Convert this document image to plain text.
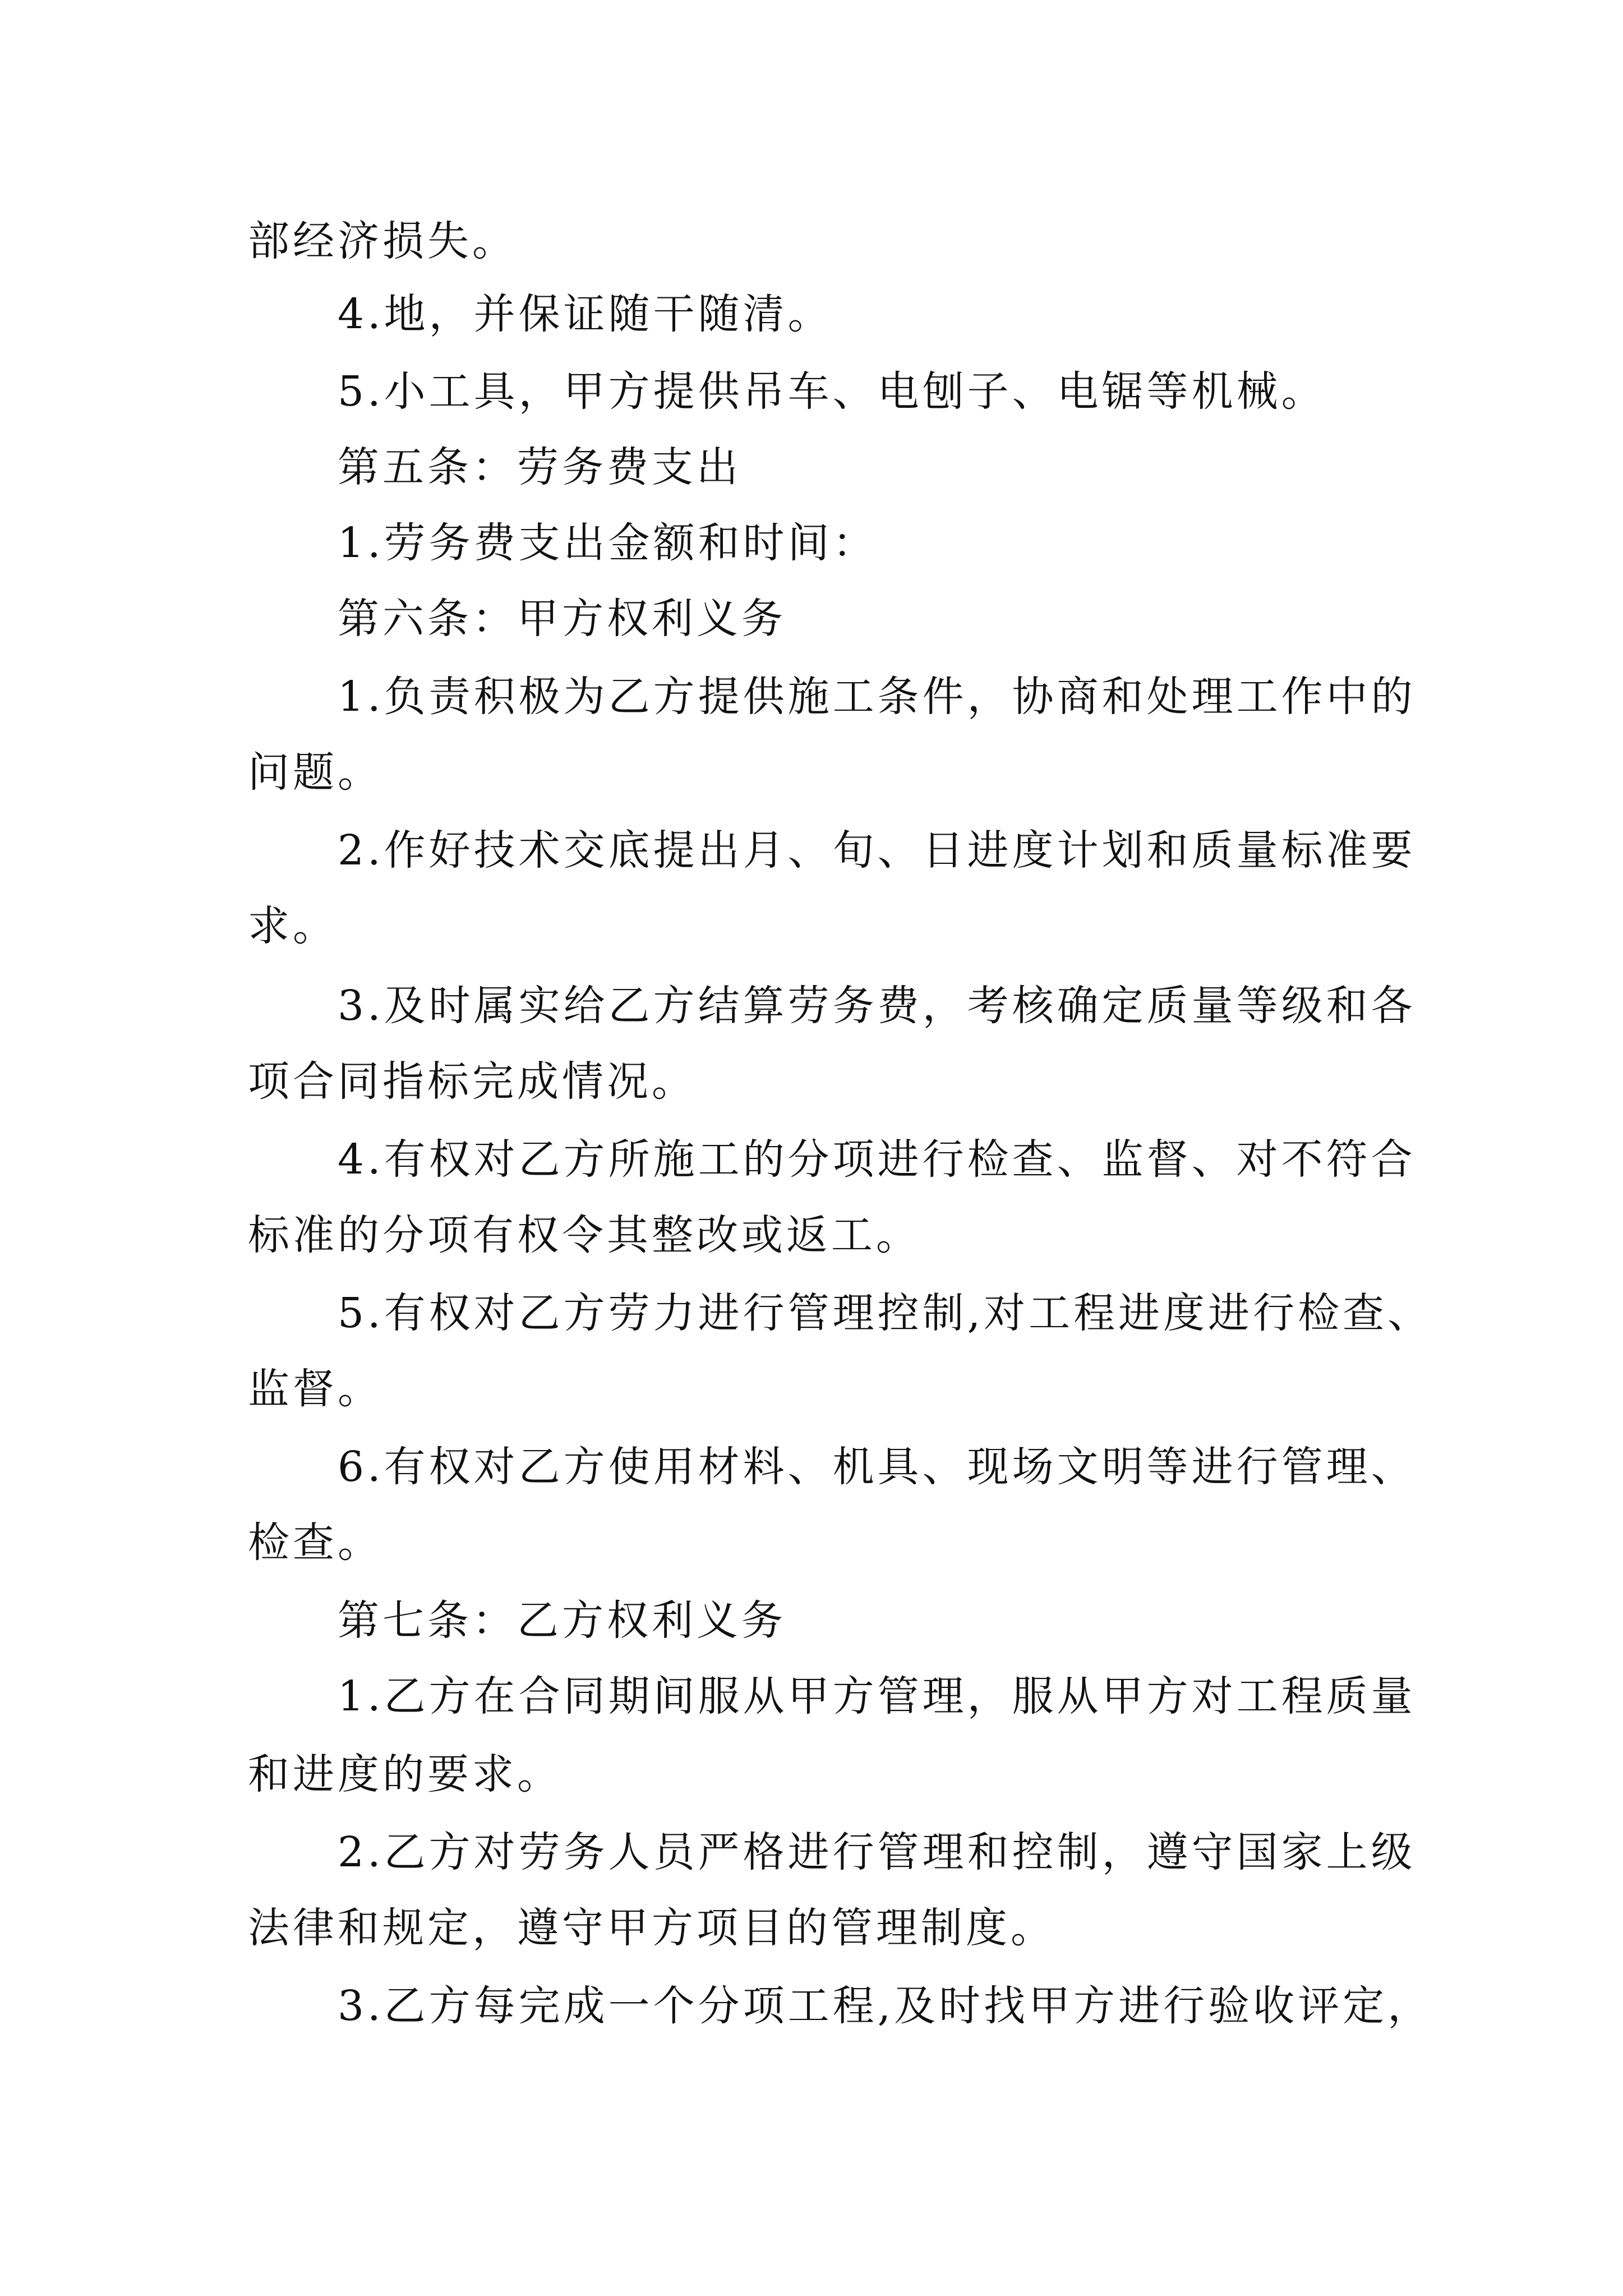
部经济损失。
4.地，并保证随干随清。
5.小工具，甲方提供吊车、电刨子、电锯等机械。
第五条：劳务费支出
1.劳务费支出金额和时间：
第六条：甲方权利义务
1.负责积极为乙方提供施工条件，协商和处理工作中的
问题。
2.作好技术交底提出月、旬、日进度计划和质量标准要
求。
3.及时属实给乙方结算劳务费，考核确定质量等级和各
项合同指标完成情况。
4.有权对乙方所施工的分项进行检查、监督、对不符合
标准的分项有权令其整改或返工。
5.有权对乙方劳力进行管理控制,对工程进度进行检查、
监督。
6.有权对乙方使用材料、机具、现场文明等进行管理、
检查。
第七条：乙方权利义务
1.乙方在合同期间服从甲方管理，服从甲方对工程质量
和进度的要求。
2.乙方对劳务人员严格进行管理和控制，遵守国家上级
法律和规定，遵守甲方项目的管理制度。
3.乙方每完成一个分项工程,及时找甲方进行验收评定，
